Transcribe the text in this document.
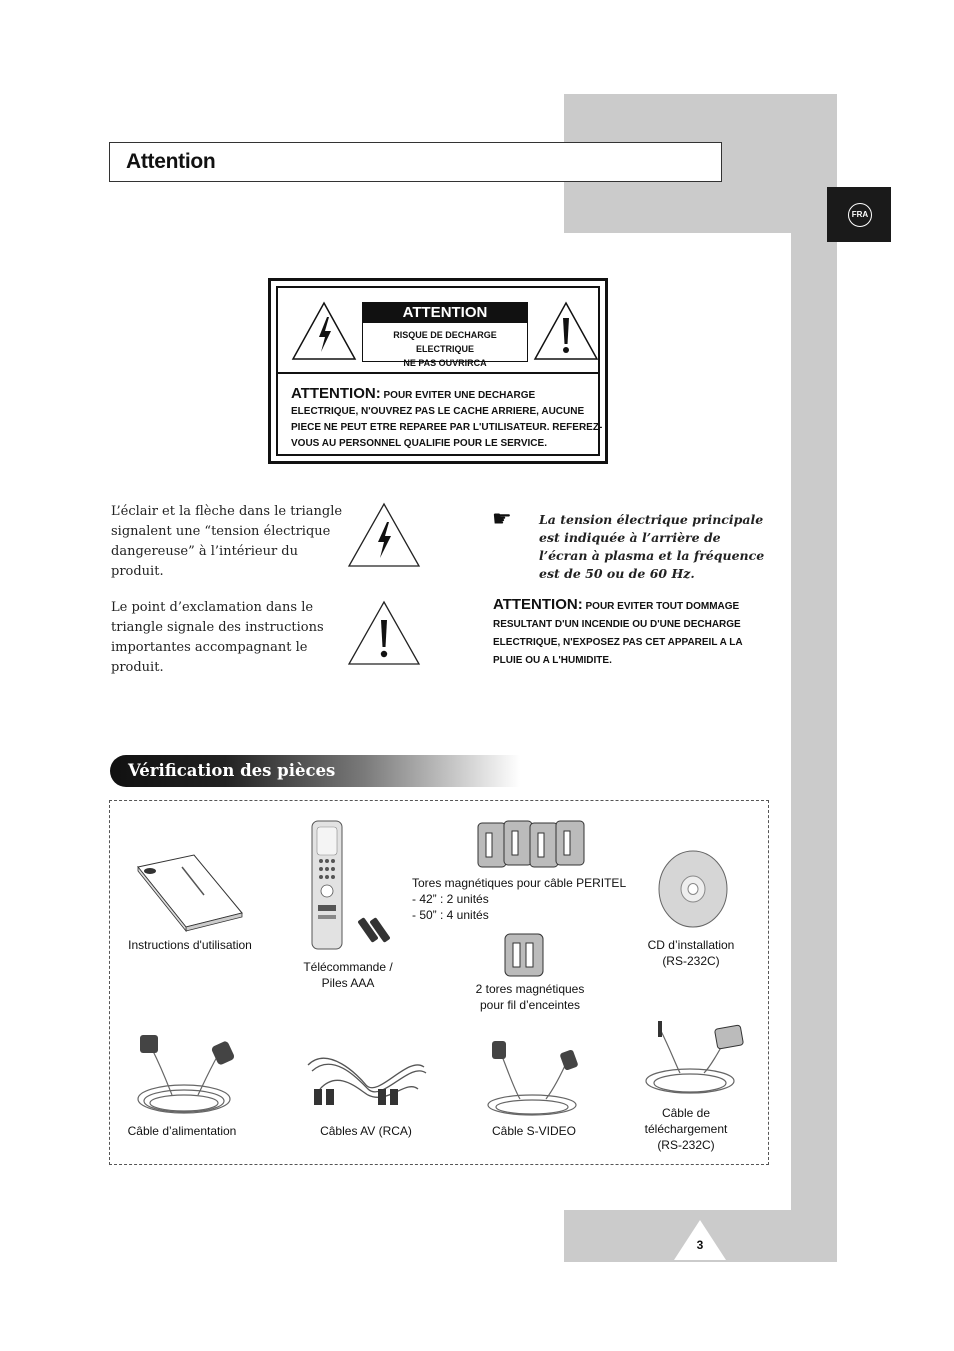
FRA
3
Attention
ATTENTION
RISQUE DE DECHARGE ELECTRIQUE
NE PAS OUVRIRCA
ATTENTION: POUR EVITER UNE DECHARGE ELECTRIQUE, N'OUVREZ PAS LE CACHE ARRIERE, AUCUNE PIECE NE PEUT ETRE REPAREE PAR L'UTILISATEUR. REFEREZ-VOUS AU PERSONNEL QUALIFIE POUR LE SERVICE.
L’éclair et la flèche dans le triangle signalent une “tension électrique dangereuse” à l’intérieur du produit.
Le point d’exclamation dans le triangle signale des instructions importantes accompagnant le produit.
☛ La tension électrique principale est indiquée à l’arrière de l’écran à plasma et la fréquence est de 50 ou de 60 Hz.
ATTENTION: POUR EVITER TOUT DOMMAGE RESULTANT D'UN INCENDIE OU D'UNE DECHARGE ELECTRIQUE, N'EXPOSEZ PAS CET APPAREIL A LA PLUIE OU A L'HUMIDITE.
Vérification des pièces
Instructions d'utilisation
Télécommande /
Piles AAA
Tores magnétiques pour câble PERITEL
- 42” : 2 unités
- 50” : 4 unités
2 tores magnétiques
pour fil d’enceintes
CD d’installation
(RS-232C)
Câble d’alimentation	Câbles AV (RCA)	Câble S-VIDEO
Câble de
téléchargement
(RS-232C)
